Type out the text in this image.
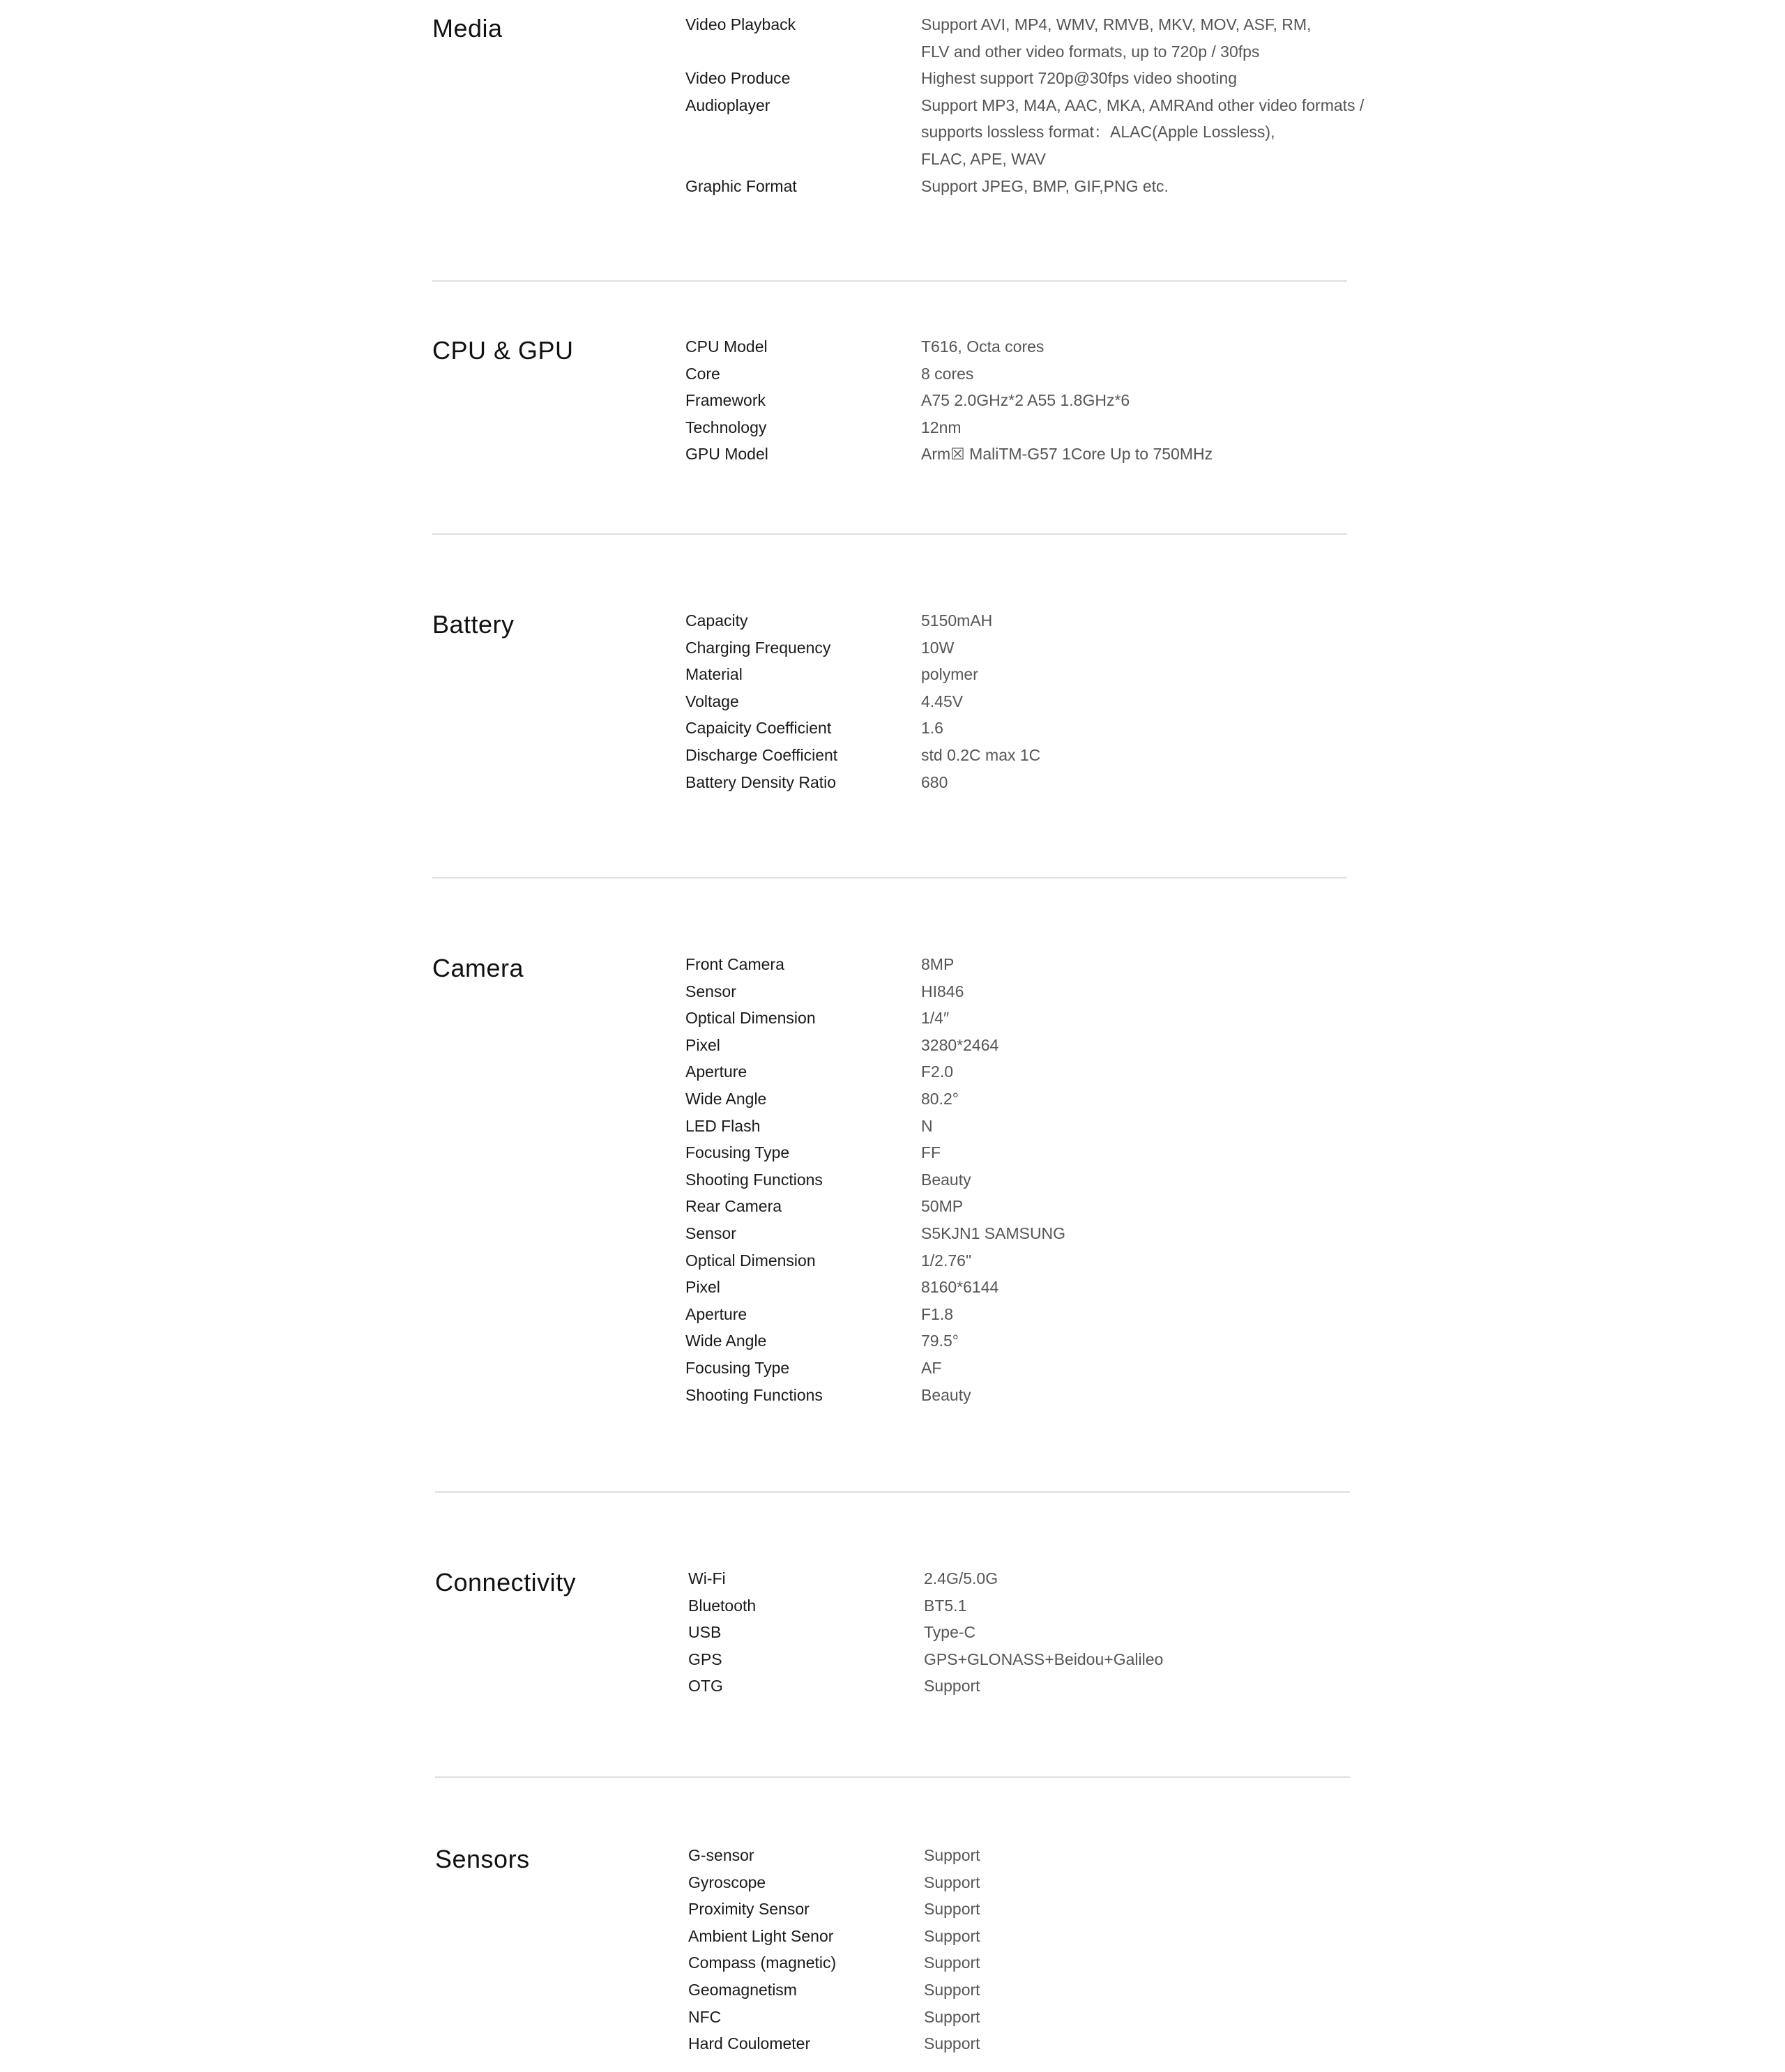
Media	Video Playback	Support AVI, MP4, WMV, RMVB, MKV, MOV, ASF, RM,
FLV and other video formats, up to 720p / 30fps
Video Produce	Highest support 720p@30fps video shooting
Audioplayer	Support MP3, M4A, AAC, MKA, AMRAnd other video formats /
supports lossless format：ALAC(Apple Lossless),
FLAC, APE, WAV
Graphic Format	Support JPEG, BMP, GIF,PNG etc.
CPU & GPU	CPU Model	T616, Octa cores
Core	8 cores
Framework	A75 2.0GHz*2 A55 1.8GHz*6
Technology	12nm
GPU Model	Arm☒ MaliTM-G57 1Core Up to 750MHz
Battery	Capacity	5150mAH
Charging Frequency	10W
Material	polymer
Voltage	4.45V
Capaicity Coefficient	1.6
Discharge Coefficient	std 0.2C max 1C
Battery Density Ratio	680
Camera	Front Camera	8MP
Sensor	HI846
Optical Dimension	1/4″
Pixel	3280*2464
Aperture	F2.0
Wide Angle	80.2°
LED Flash	N
Focusing Type	FF
Shooting Functions	Beauty
Rear Camera	50MP
Sensor	S5KJN1 SAMSUNG
Optical Dimension	1/2.76"
Pixel	8160*6144
Aperture	F1.8
Wide Angle	79.5°
Focusing Type	AF
Shooting Functions	Beauty
Connectivity	Wi-Fi	2.4G/5.0G
Bluetooth	BT5.1
USB	Type-C
GPS	GPS+GLONASS+Beidou+Galileo
OTG	Support
Sensors	G-sensor	Support
Gyroscope	Support
Proximity Sensor	Support
Ambient Light Senor	Support
Compass (magnetic)	Support
Geomagnetism	Support
NFC	Support
Hard Coulometer	Support
